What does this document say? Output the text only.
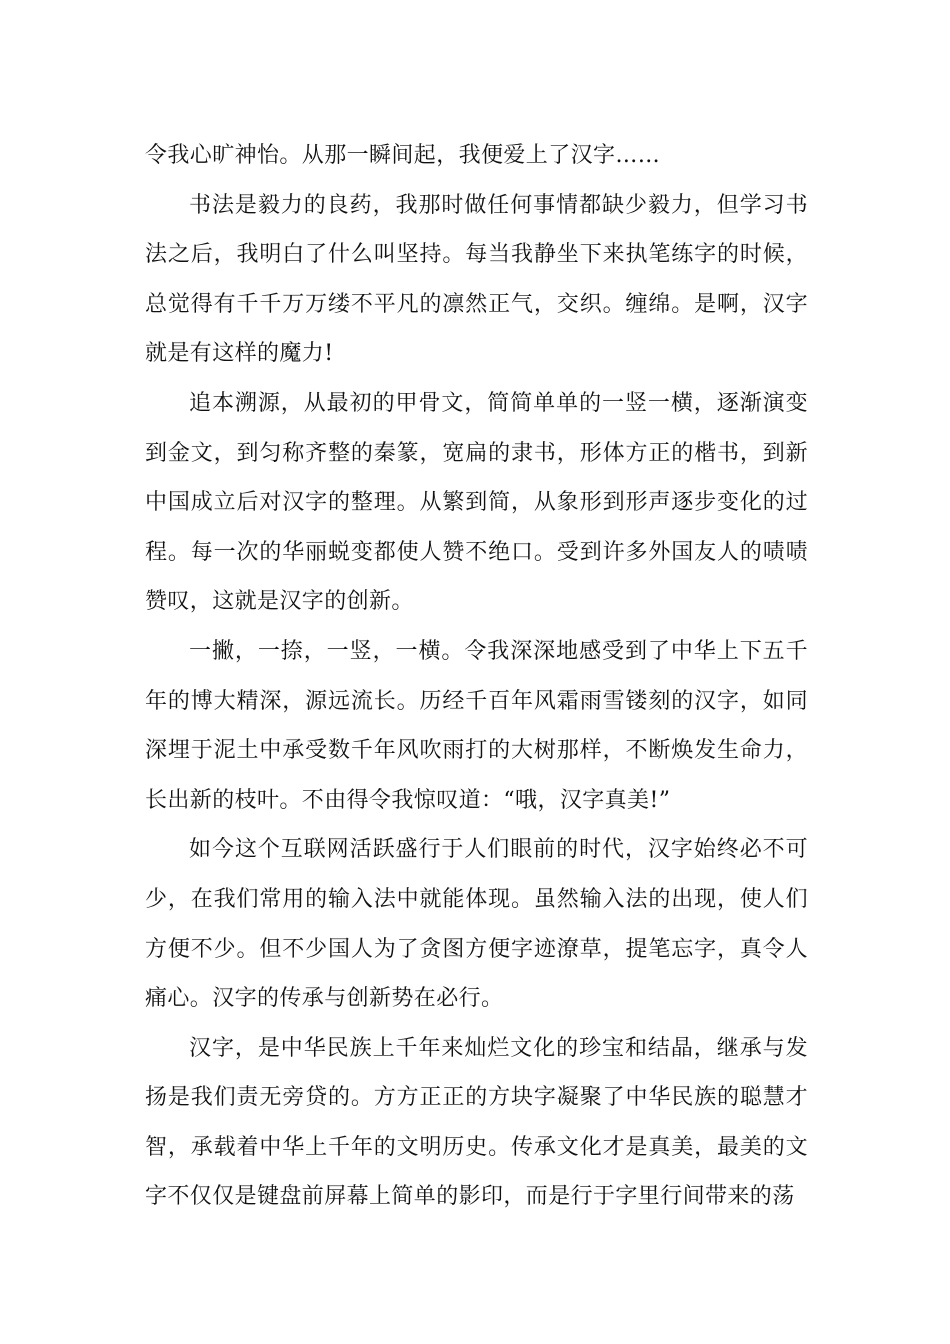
令我心旷神怡。从那一瞬间起，我便爱上了汉字……

书法是毅力的良药，我那时做任何事情都缺少毅力，但学习书法之后，我明白了什么叫坚持。每当我静坐下来执笔练字的时候，总觉得有千千万万缕不平凡的凛然正气，交织。缠绵。是啊，汉字就是有这样的魔力!

追本溯源，从最初的甲骨文，简简单单的一竖一横，逐渐演变到金文，到匀称齐整的秦篆，宽扁的隶书，形体方正的楷书，到新中国成立后对汉字的整理。从繁到简，从象形到形声逐步变化的过程。每一次的华丽蜕变都使人赞不绝口。受到许多外国友人的啧啧赞叹，这就是汉字的创新。

一撇，一捺，一竖，一横。令我深深地感受到了中华上下五千年的博大精深，源远流长。历经千百年风霜雨雪镂刻的汉字，如同深埋于泥土中承受数千年风吹雨打的大树那样，不断焕发生命力，长出新的枝叶。不由得令我惊叹道：“哦，汉字真美!”

如今这个互联网活跃盛行于人们眼前的时代，汉字始终必不可少，在我们常用的输入法中就能体现。虽然输入法的出现，使人们方便不少。但不少国人为了贪图方便字迹潦草，提笔忘字，真令人痛心。汉字的传承与创新势在必行。

汉字，是中华民族上千年来灿烂文化的珍宝和结晶，继承与发扬是我们责无旁贷的。方方正正的方块字凝聚了中华民族的聪慧才智，承载着中华上千年的文明历史。传承文化才是真美，最美的文字不仅仅是键盘前屏幕上简单的影印，而是行于字里行间带来的荡
